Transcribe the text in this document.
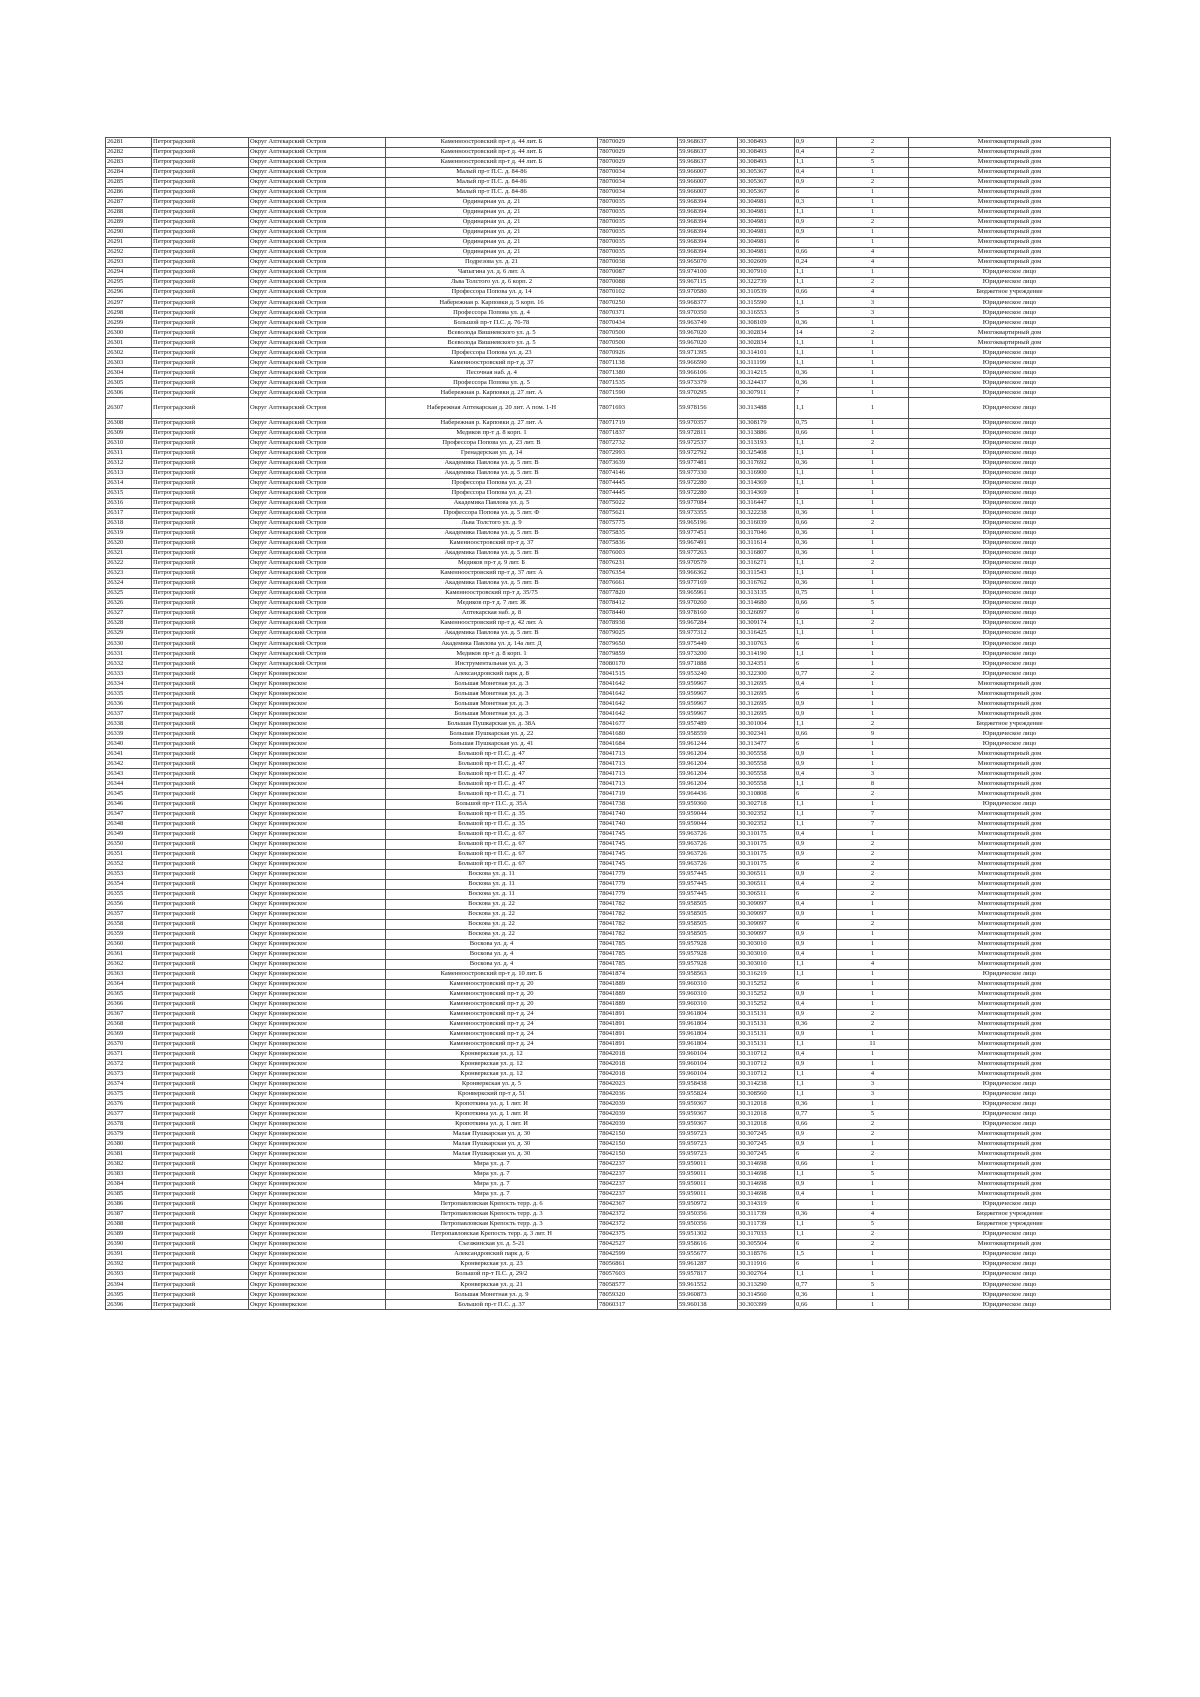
26281	Петроградский	Округ Аптекарский Остров	Каменноостровский пр-т д. 44 лит. Б	78070029	59.968637	30.308493	0,9	2	Многоквартирный дом
26282	Петроградский	Округ Аптекарский Остров	Каменноостровский пр-т д. 44 лит. Б	78070029	59.968637	30.308493	0,4	2	Многоквартирный дом
26283	Петроградский	Округ Аптекарский Остров	Каменноостровский пр-т д. 44 лит. Б	78070029	59.968637	30.308493	1,1	5	Многоквартирный дом
26284	Петроградский	Округ Аптекарский Остров	Малый пр-т П.С. д. 84-86	78070034	59.966007	30.305367	0,4	1	Многоквартирный дом
26285	Петроградский	Округ Аптекарский Остров	Малый пр-т П.С. д. 84-86	78070034	59.966007	30.305367	0,9	2	Многоквартирный дом
26286	Петроградский	Округ Аптекарский Остров	Малый пр-т П.С. д. 84-86	78070034	59.966007	30.305367	6	1	Многоквартирный дом
26287	Петроградский	Округ Аптекарский Остров	Ординарная ул. д. 21	78070035	59.968394	30.304981	0,3	1	Многоквартирный дом
26288	Петроградский	Округ Аптекарский Остров	Ординарная ул. д. 21	78070035	59.968394	30.304981	1,1	1	Многоквартирный дом
26289	Петроградский	Округ Аптекарский Остров	Ординарная ул. д. 21	78070035	59.968394	30.304981	0,9	2	Многоквартирный дом
26290	Петроградский	Округ Аптекарский Остров	Ординарная ул. д. 21	78070035	59.968394	30.304981	0,9	1	Многоквартирный дом
26291	Петроградский	Округ Аптекарский Остров	Ординарная ул. д. 21	78070035	59.968394	30.304981	6	1	Многоквартирный дом
26292	Петроградский	Округ Аптекарский Остров	Ординарная ул. д. 21	78070035	59.968394	30.304981	0,66	4	Многоквартирный дом
26293	Петроградский	Округ Аптекарский Остров	Подрезова ул. д. 21	78070038	59.965070	30.302609	0,24	4	Многоквартирный дом
26294	Петроградский	Округ Аптекарский Остров	Чапыгина ул. д. 6 лит. А	78070087	59.974100	30.307910	1,1	1	Юридическое лицо
26295	Петроградский	Округ Аптекарский Остров	Льва Толстого ул. д. 6 корп. 2	78070088	59.967115	30.322739	1,1	2	Юридическое лицо
26296	Петроградский	Округ Аптекарский Остров	Профессора Попова ул. д. 14	78070102	59.970580	30.310539	0,66	4	Бюджетное учреждение
26297	Петроградский	Округ Аптекарский Остров	Набережная р. Карповки д. 5 корп. 16	78070250	59.968377	30.315590	1,1	3	Юридическое лицо
26298	Петроградский	Округ Аптекарский Остров	Профессора Попова ул. д. 4	78070371	59.970350	30.316553	5	3	Юридическое лицо
26299	Петроградский	Округ Аптекарский Остров	Большой пр-т П.С. д. 76-78	78070434	59.963749	30.308109	0,36	1	Юридическое лицо
26300	Петроградский	Округ Аптекарский Остров	Всеволода Вишневского ул. д. 5	78070500	59.967020	30.302834	14	2	Многоквартирный дом
26301	Петроградский	Округ Аптекарский Остров	Всеволода Вишневского ул. д. 5	78070500	59.967020	30.302834	1,1	1	Многоквартирный дом
26302	Петроградский	Округ Аптекарский Остров	Профессора Попова ул. д. 23	78070926	59.971395	30.314101	1,1	1	Юридическое лицо
26303	Петроградский	Округ Аптекарский Остров	Каменноостровский пр-т д. 37	78071138	59.966590	30.311199	1,1	1	Юридическое лицо
26304	Петроградский	Округ Аптекарский Остров	Песочная наб. д. 4	78071380	59.966106	30.314215	0,36	1	Юридическое лицо
26305	Петроградский	Округ Аптекарский Остров	Профессора Попова ул. д. 5	78071535	59.973379	30.324437	0,36	1	Юридическое лицо
26306	Петроградский	Округ Аптекарский Остров	Набережная р. Карповки д. 27 лит. А	78071590	59.970295	30.307911	7	1	Юридическое лицо
26307	Петроградский	Округ Аптекарский Остров	Набережная Аптекарская д. 20 лит. А пом. 1-Н	78071693	59.978156	30.313488	1,1	1	Юридическое лицо
26308	Петроградский	Округ Аптекарский Остров	Набережная р. Карповки д. 27 лит. А	78071719	59.970357	30.308179	0,75	1	Юридическое лицо
26309	Петроградский	Округ Аптекарский Остров	Медиков пр-т д. 8 корп. 1	78071837	59.972811	30.313886	0,66	1	Юридическое лицо
26310	Петроградский	Округ Аптекарский Остров	Профессора Попова ул. д. 23 лит. В	78072732	59.972537	30.313193	1,1	2	Юридическое лицо
26311	Петроградский	Округ Аптекарский Остров	Гренадерская ул. д. 14	78072993	59.972792	30.325408	1,1	1	Юридическое лицо
26312	Петроградский	Округ Аптекарский Остров	Академика Павлова ул. д. 5 лит. В	78073639	59.977481	30.317692	0,36	1	Юридическое лицо
26313	Петроградский	Округ Аптекарский Остров	Академика Павлова ул. д. 5 лит. В	78074146	59.977330	30.316900	1,1	1	Юридическое лицо
26314	Петроградский	Округ Аптекарский Остров	Профессора Попова ул. д. 23	78074445	59.972280	30.314369	1,1	1	Юридическое лицо
26315	Петроградский	Округ Аптекарский Остров	Профессора Попова ул. д. 23	78074445	59.972280	30.314369	1	1	Юридическое лицо
26316	Петроградский	Округ Аптекарский Остров	Академика Павлова ул. д. 5	78075022	59.977084	30.316447	1,1	1	Юридическое лицо
26317	Петроградский	Округ Аптекарский Остров	Профессора Попова ул. д. 5 лит. Ф	78075621	59.973355	30.322238	0,36	1	Юридическое лицо
26318	Петроградский	Округ Аптекарский Остров	Льва Толстого ул. д. 9	78075775	59.965196	30.316039	0,66	2	Юридическое лицо
26319	Петроградский	Округ Аптекарский Остров	Академика Павлова ул. д. 5 лит. В	78075835	59.977451	30.317046	0,36	1	Юридическое лицо
26320	Петроградский	Округ Аптекарский Остров	Каменноостровский пр-т д. 37	78075836	59.967491	30.311614	0,36	1	Юридическое лицо
26321	Петроградский	Округ Аптекарский Остров	Академика Павлова ул. д. 5 лит. В	78076003	59.977263	30.316807	0,36	1	Юридическое лицо
26322	Петроградский	Округ Аптекарский Остров	Медиков пр-т д. 9 лит. Б	78076231	59.970579	30.316271	1,1	2	Юридическое лицо
26323	Петроградский	Округ Аптекарский Остров	Каменноостровский пр-т д. 37 лит. А	78076354	59.966362	30.311543	1,1	1	Юридическое лицо
26324	Петроградский	Округ Аптекарский Остров	Академика Павлова ул. д. 5 лит. В	78076661	59.977169	30.316762	0,36	1	Юридическое лицо
26325	Петроградский	Округ Аптекарский Остров	Каменноостровский пр-т д. 35/75	78077820	59.965961	30.313135	0,75	1	Юридическое лицо
26326	Петроградский	Округ Аптекарский Остров	Медиков пр-т д. 7 лит. Ж	78078412	59.970260	30.314680	0,66	5	Юридическое лицо
26327	Петроградский	Округ Аптекарский Остров	Аптекарская наб. д. 8	78078440	59.978160	30.326097	6	1	Юридическое лицо
26328	Петроградский	Округ Аптекарский Остров	Каменноостровский пр-т д. 42 лит. А	78078938	59.967284	30.309174	1,1	2	Юридическое лицо
26329	Петроградский	Округ Аптекарский Остров	Академика Павлова ул. д. 5 лит. В	78079025	59.977312	30.316425	1,1	1	Юридическое лицо
26330	Петроградский	Округ Аптекарский Остров	Академика Павлова ул. д. 14а лит. Д	78079650	59.975449	30.310763	6	1	Юридическое лицо
26331	Петроградский	Округ Аптекарский Остров	Медиков пр-т д. 8 корп. 1	78079859	59.973200	30.314190	1,1	1	Юридическое лицо
26332	Петроградский	Округ Аптекарский Остров	Инструментальная ул. д. 3	78080170	59.971888	30.324351	6	1	Юридическое лицо
26333	Петроградский	Округ Кронверкское	Александровский парк д. 8	78041515	59.953240	30.322300	0,77	2	Юридическое лицо
26334	Петроградский	Округ Кронверкское	Большая Монетная ул. д. 3	78041642	59.959967	30.312695	0,4	1	Многоквартирный дом
26335	Петроградский	Округ Кронверкское	Большая Монетная ул. д. 3	78041642	59.959967	30.312695	6	1	Многоквартирный дом
26336	Петроградский	Округ Кронверкское	Большая Монетная ул. д. 3	78041642	59.959967	30.312695	0,9	1	Многоквартирный дом
26337	Петроградский	Округ Кронверкское	Большая Монетная ул. д. 3	78041642	59.959967	30.312695	0,9	1	Многоквартирный дом
26338	Петроградский	Округ Кронверкское	Большая Пушкарская ул. д. 38А	78041677	59.957489	30.301004	1,1	2	Бюджетное учреждение
26339	Петроградский	Округ Кронверкское	Большая Пушкарская ул. д. 22	78041680	59.958559	30.302341	0,66	9	Юридическое лицо
26340	Петроградский	Округ Кронверкское	Большая Пушкарская ул. д. 41	78041684	59.961244	30.313477	6	1	Юридическое лицо
26341	Петроградский	Округ Кронверкское	Большой пр-т П.С. д. 47	78041713	59.961204	30.305558	0,9	1	Многоквартирный дом
26342	Петроградский	Округ Кронверкское	Большой пр-т П.С. д. 47	78041713	59.961204	30.305558	0,9	1	Многоквартирный дом
26343	Петроградский	Округ Кронверкское	Большой пр-т П.С. д. 47	78041713	59.961204	30.305558	0,4	3	Многоквартирный дом
26344	Петроградский	Округ Кронверкское	Большой пр-т П.С. д. 47	78041713	59.961204	30.305558	1,1	8	Многоквартирный дом
26345	Петроградский	Округ Кронверкское	Большой пр-т П.С. д. 71	78041719	59.964436	30.310808	6	2	Многоквартирный дом
26346	Петроградский	Округ Кронверкское	Большой пр-т П.С. д. 35А	78041738	59.959360	30.302718	1,1	1	Юридическое лицо
26347	Петроградский	Округ Кронверкское	Большой пр-т П.С. д. 35	78041740	59.959044	30.302352	1,1	7	Многоквартирный дом
26348	Петроградский	Округ Кронверкское	Большой пр-т П.С. д. 35	78041740	59.959044	30.302352	1,1	7	Многоквартирный дом
26349	Петроградский	Округ Кронверкское	Большой пр-т П.С. д. 67	78041745	59.963726	30.310175	0,4	1	Многоквартирный дом
26350	Петроградский	Округ Кронверкское	Большой пр-т П.С. д. 67	78041745	59.963726	30.310175	0,9	2	Многоквартирный дом
26351	Петроградский	Округ Кронверкское	Большой пр-т П.С. д. 67	78041745	59.963726	30.310175	0,9	2	Многоквартирный дом
26352	Петроградский	Округ Кронверкское	Большой пр-т П.С. д. 67	78041745	59.963726	30.310175	6	2	Многоквартирный дом
26353	Петроградский	Округ Кронверкское	Воскова ул. д. 11	78041779	59.957445	30.306511	0,9	2	Многоквартирный дом
26354	Петроградский	Округ Кронверкское	Воскова ул. д. 11	78041779	59.957445	30.306511	0,4	2	Многоквартирный дом
26355	Петроградский	Округ Кронверкское	Воскова ул. д. 11	78041779	59.957445	30.306511	6	2	Многоквартирный дом
26356	Петроградский	Округ Кронверкское	Воскова ул. д. 22	78041782	59.958505	30.309097	0,4	1	Многоквартирный дом
26357	Петроградский	Округ Кронверкское	Воскова ул. д. 22	78041782	59.958505	30.309097	0,9	1	Многоквартирный дом
26358	Петроградский	Округ Кронверкское	Воскова ул. д. 22	78041782	59.958505	30.309097	6	2	Многоквартирный дом
26359	Петроградский	Округ Кронверкское	Воскова ул. д. 22	78041782	59.958505	30.309097	0,9	1	Многоквартирный дом
26360	Петроградский	Округ Кронверкское	Воскова ул. д. 4	78041785	59.957928	30.303010	0,9	1	Многоквартирный дом
26361	Петроградский	Округ Кронверкское	Воскова ул. д. 4	78041785	59.957928	30.303010	0,4	1	Многоквартирный дом
26362	Петроградский	Округ Кронверкское	Воскова ул. д. 4	78041785	59.957928	30.303010	1,1	4	Многоквартирный дом
26363	Петроградский	Округ Кронверкское	Каменноостровский пр-т д. 10 лит. Б	78041874	59.958563	30.316219	1,1	1	Юридическое лицо
26364	Петроградский	Округ Кронверкское	Каменноостровский пр-т д. 20	78041889	59.960310	30.315252	6	1	Многоквартирный дом
26365	Петроградский	Округ Кронверкское	Каменноостровский пр-т д. 20	78041889	59.960310	30.315252	0,9	1	Многоквартирный дом
26366	Петроградский	Округ Кронверкское	Каменноостровский пр-т д. 20	78041889	59.960310	30.315252	0,4	1	Многоквартирный дом
26367	Петроградский	Округ Кронверкское	Каменноостровский пр-т д. 24	78041891	59.961804	30.315131	0,9	2	Многоквартирный дом
26368	Петроградский	Округ Кронверкское	Каменноостровский пр-т д. 24	78041891	59.961804	30.315131	0,36	2	Многоквартирный дом
26369	Петроградский	Округ Кронверкское	Каменноостровский пр-т д. 24	78041891	59.961804	30.315131	0,9	1	Многоквартирный дом
26370	Петроградский	Округ Кронверкское	Каменноостровский пр-т д. 24	78041891	59.961804	30.315131	1,1	11	Многоквартирный дом
26371	Петроградский	Округ Кронверкское	Кронверкская ул. д. 12	78042018	59.960104	30.310712	0,4	1	Многоквартирный дом
26372	Петроградский	Округ Кронверкское	Кронверкская ул. д. 12	78042018	59.960104	30.310712	0,9	1	Многоквартирный дом
26373	Петроградский	Округ Кронверкское	Кронверкская ул. д. 12	78042018	59.960104	30.310712	1,1	4	Многоквартирный дом
26374	Петроградский	Округ Кронверкское	Кронверкская ул. д. 5	78042023	59.958438	30.314238	1,1	3	Юридическое лицо
26375	Петроградский	Округ Кронверкское	Кронверкский пр-т д. 51	78042036	59.955824	30.308560	1,1	3	Юридическое лицо
26376	Петроградский	Округ Кронверкское	Кропоткина ул. д. 1 лит. И	78042039	59.959367	30.312018	0,36	1	Юридическое лицо
26377	Петроградский	Округ Кронверкское	Кропоткина ул. д. 1 лит. И	78042039	59.959367	30.312018	0,77	5	Юридическое лицо
26378	Петроградский	Округ Кронверкское	Кропоткина ул. д. 1 лит. И	78042039	59.959367	30.312018	0,66	2	Юридическое лицо
26379	Петроградский	Округ Кронверкское	Малая Пушкарская ул. д. 30	78042150	59.959723	30.307245	0,9	2	Многоквартирный дом
26380	Петроградский	Округ Кронверкское	Малая Пушкарская ул. д. 30	78042150	59.959723	30.307245	0,9	1	Многоквартирный дом
26381	Петроградский	Округ Кронверкское	Малая Пушкарская ул. д. 30	78042150	59.959723	30.307245	6	2	Многоквартирный дом
26382	Петроградский	Округ Кронверкское	Мира ул. д. 7	78042237	59.959011	30.314698	0,66	1	Многоквартирный дом
26383	Петроградский	Округ Кронверкское	Мира ул. д. 7	78042237	59.959011	30.314698	1,1	5	Многоквартирный дом
26384	Петроградский	Округ Кронверкское	Мира ул. д. 7	78042237	59.959011	30.314698	0,9	1	Многоквартирный дом
26385	Петроградский	Округ Кронверкское	Мира ул. д. 7	78042237	59.959011	30.314698	0,4	1	Многоквартирный дом
26386	Петроградский	Округ Кронверкское	Петропавловская Крепость терр. д. 6	78042367	59.950972	30.314319	6	1	Юридическое лицо
26387	Петроградский	Округ Кронверкское	Петропавловская Крепость терр. д. 3	78042372	59.950356	30.311739	0,36	4	Бюджетное учреждение
26388	Петроградский	Округ Кронверкское	Петропавловская Крепость терр. д. 3	78042372	59.950356	30.311739	1,1	5	Бюджетное учреждение
26389	Петроградский	Округ Кронверкское	Петропавловская Крепость терр. д. 3 лит. Н	78042375	59.951302	30.317033	1,1	2	Юридическое лицо
26390	Петроградский	Округ Кронверкское	Съезжинская ул. д. 5-21	78042527	59.958616	30.305504	6	2	Многоквартирный дом
26391	Петроградский	Округ Кронверкское	Александровский парк д. 6	78042599	59.955677	30.318576	1,5	1	Юридическое лицо
26392	Петроградский	Округ Кронверкское	Кронверкская ул. д. 23	78056861	59.961287	30.311916	6	1	Юридическое лицо
26393	Петроградский	Округ Кронверкское	Большой пр-т П.С. д. 29/2	78057603	59.957817	30.302764	1,1	1	Юридическое лицо
26394	Петроградский	Округ Кронверкское	Кронверкская ул. д. 21	78058577	59.961552	30.313290	0,77	5	Юридическое лицо
26395	Петроградский	Округ Кронверкское	Большая Монетная ул. д. 9	78059320	59.960873	30.314560	0,36	1	Юридическое лицо
26396	Петроградский	Округ Кронверкское	Большой пр-т П.С. д. 37	78060317	59.960138	30.303399	0,66	1	Юридическое лицо
